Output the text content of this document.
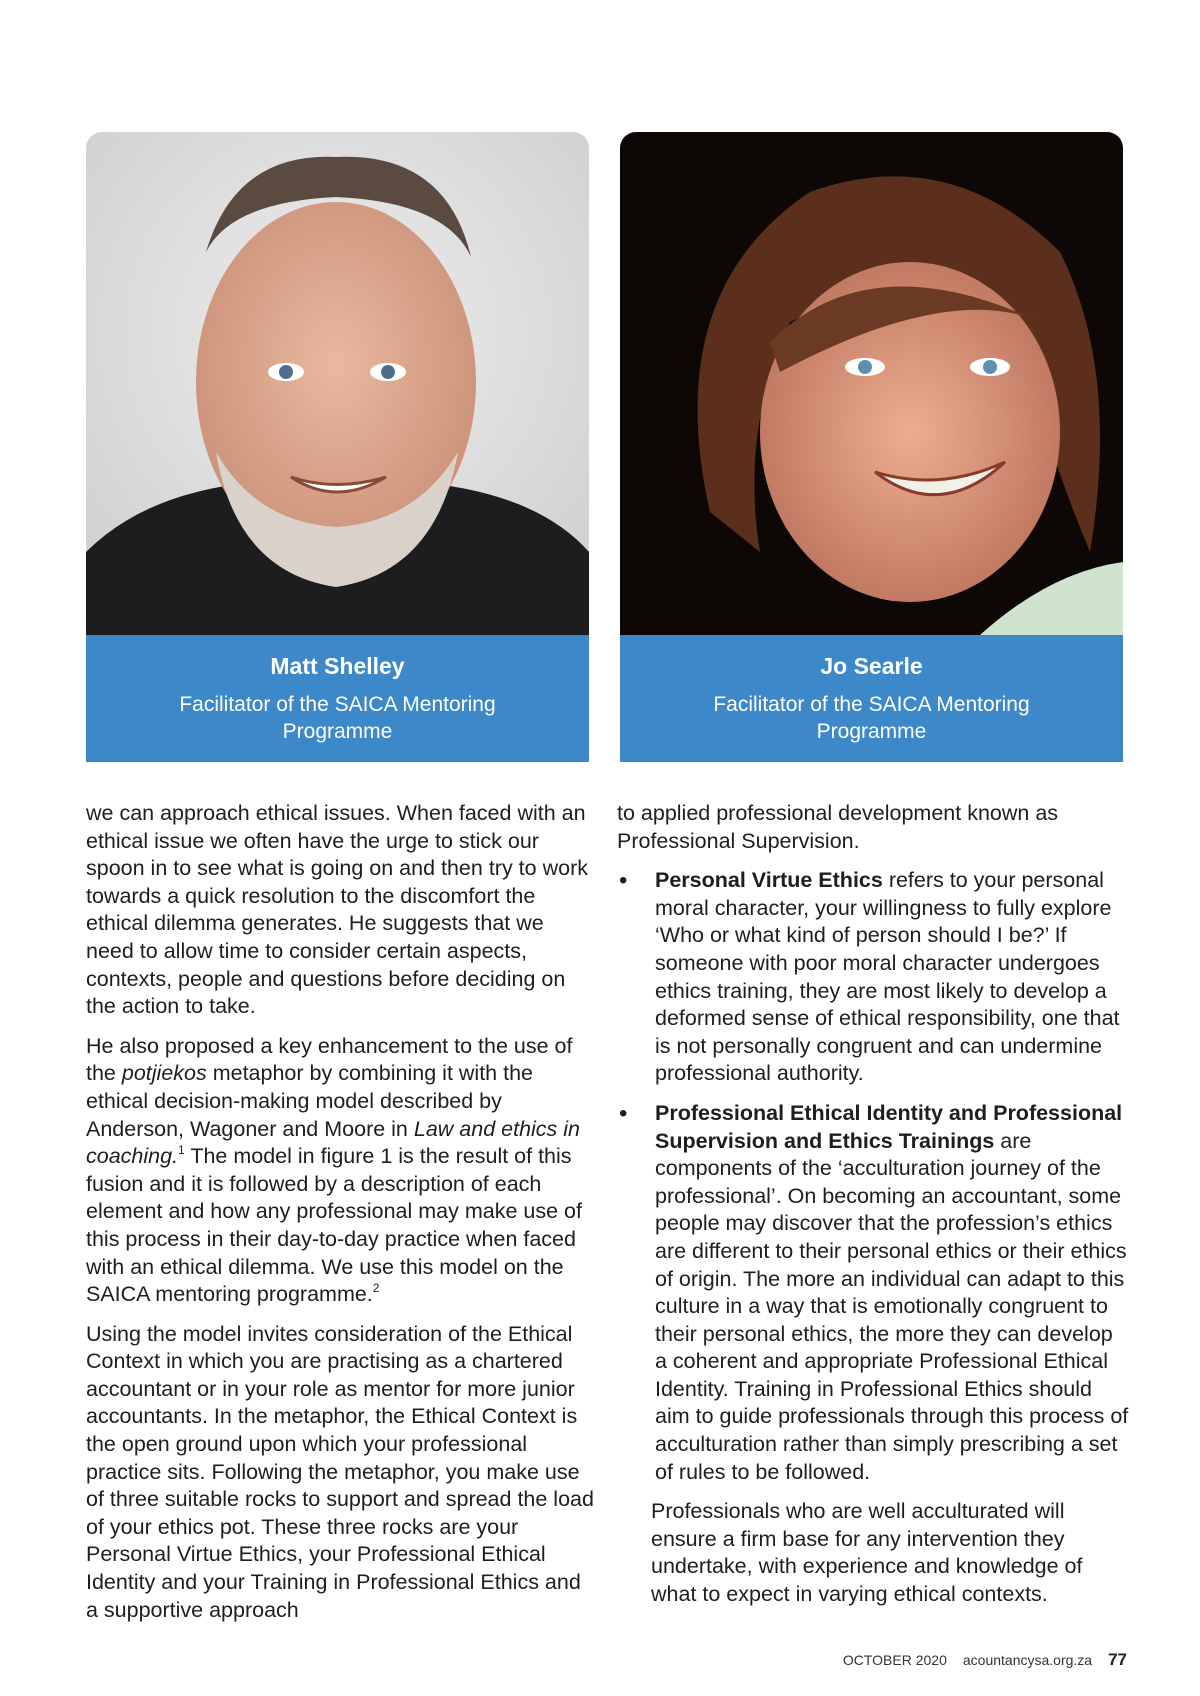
Matt Shelley
Facilitator of the SAICA Mentoring Programme
Jo Searle
Facilitator of the SAICA Mentoring Programme

we can approach ethical issues. When faced with an ethical issue we often have the urge to stick our spoon in to see what is going on and then try to work towards a quick resolution to the discomfort the ethical dilemma generates. He suggests that we need to allow time to consider certain aspects, contexts, people and questions before deciding on the action to take.

He also proposed a key enhancement to the use of the potjiekos metaphor by combining it with the ethical decision-making model described by Anderson, Wagoner and Moore in Law and ethics in coaching.$^1$ The model in figure 1 is the result of this fusion and it is followed by a description of each element and how any professional may make use of this process in their day-to-day practice when faced with an ethical dilemma. We use this model on the SAICA mentoring programme.$^2$

Using the model invites consideration of the Ethical Context in which you are practising as a chartered accountant or in your role as mentor for more junior accountants. In the metaphor, the Ethical Context is the open ground upon which your professional practice sits. Following the metaphor, you make use of three suitable rocks to support and spread the load of your ethics pot. These three rocks are your Personal Virtue Ethics, your Professional Ethical Identity and your Training in Professional Ethics and a supportive approach

to applied professional development known as Professional Supervision.

• Personal Virtue Ethics refers to your personal moral character, your willingness to fully explore ‘Who or what kind of person should I be?’ If someone with poor moral character undergoes ethics training, they are most likely to develop a deformed sense of ethical responsibility, one that is not personally congruent and can undermine professional authority.
• Professional Ethical Identity and Professional Supervision and Ethics Trainings are components of the ‘acculturation journey of the professional’. On becoming an accountant, some people may discover that the profession’s ethics are different to their personal ethics or their ethics of origin. The more an individual can adapt to this culture in a way that is emotionally congruent to their personal ethics, the more they can develop a coherent and appropriate Professional Ethical Identity. Training in Professional Ethics should aim to guide professionals through this process of acculturation rather than simply prescribing a set of rules to be followed.

Professionals who are well acculturated will ensure a firm base for any intervention they undertake, with experience and knowledge of what to expect in varying ethical contexts.

OCTOBER 2020 acountancysa.org.za 77
